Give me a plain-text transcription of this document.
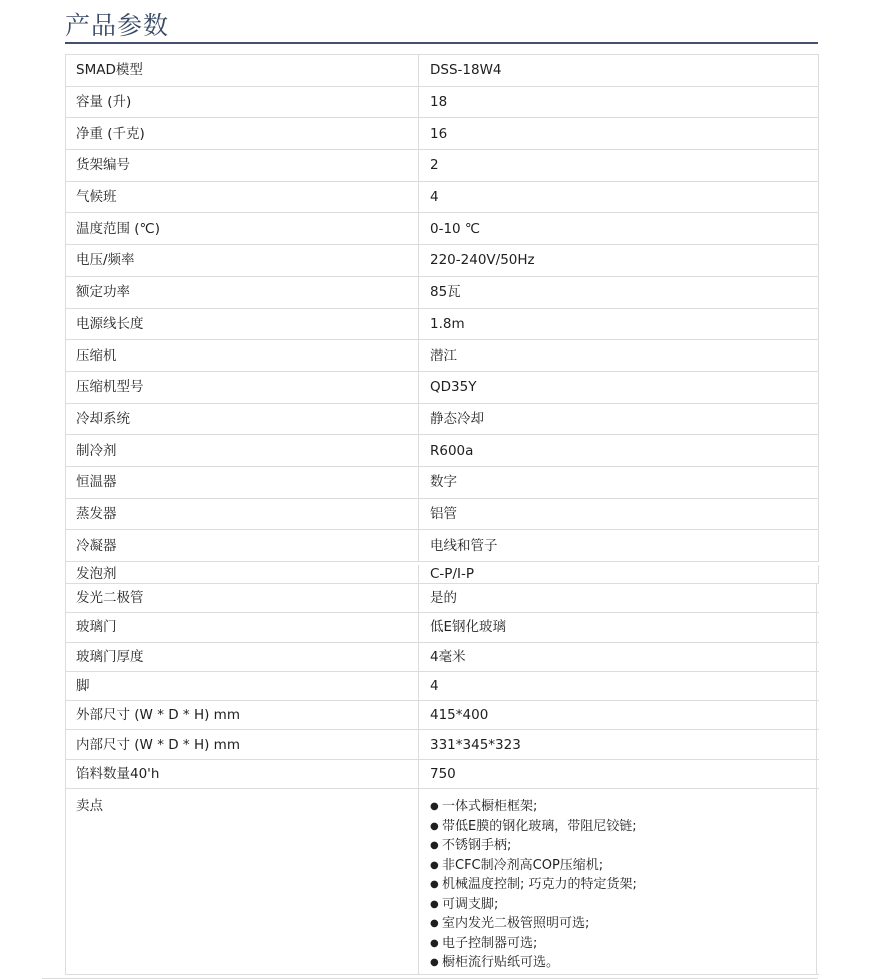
产品参数
SMAD模型	DSS-18W4
容量 (升)	18
净重 (千克)	16
货架编号	2
气候班	4
温度范围 (℃)	0-10 ℃
电压/频率	220-240V/50Hz
额定功率	85瓦
电源线长度	1.8m
压缩机	潜江
压缩机型号	QD35Y
冷却系统	静态冷却
制冷剂	R600a
恒温器	数字
蒸发器	铝管
冷凝器	电线和管子
发泡剂	C-P/I-P
发光二极管	是的
玻璃门	低E钢化玻璃
玻璃门厚度	4毫米
脚	4
外部尺寸 (W * D * H) mm	415*400
内部尺寸 (W * D * H) mm	331*345*323
馅料数量40'h	750
卖点	● 一体式橱柜框架;
● 带低E膜的钢化玻璃，带阻尼铰链;
● 不锈钢手柄;
● 非CFC制冷剂高COP压缩机;
● 机械温度控制; 巧克力的特定货架;
● 可调支脚;
● 室内发光二极管照明可选;
● 电子控制器可选;
● 橱柜流行贴纸可选。
